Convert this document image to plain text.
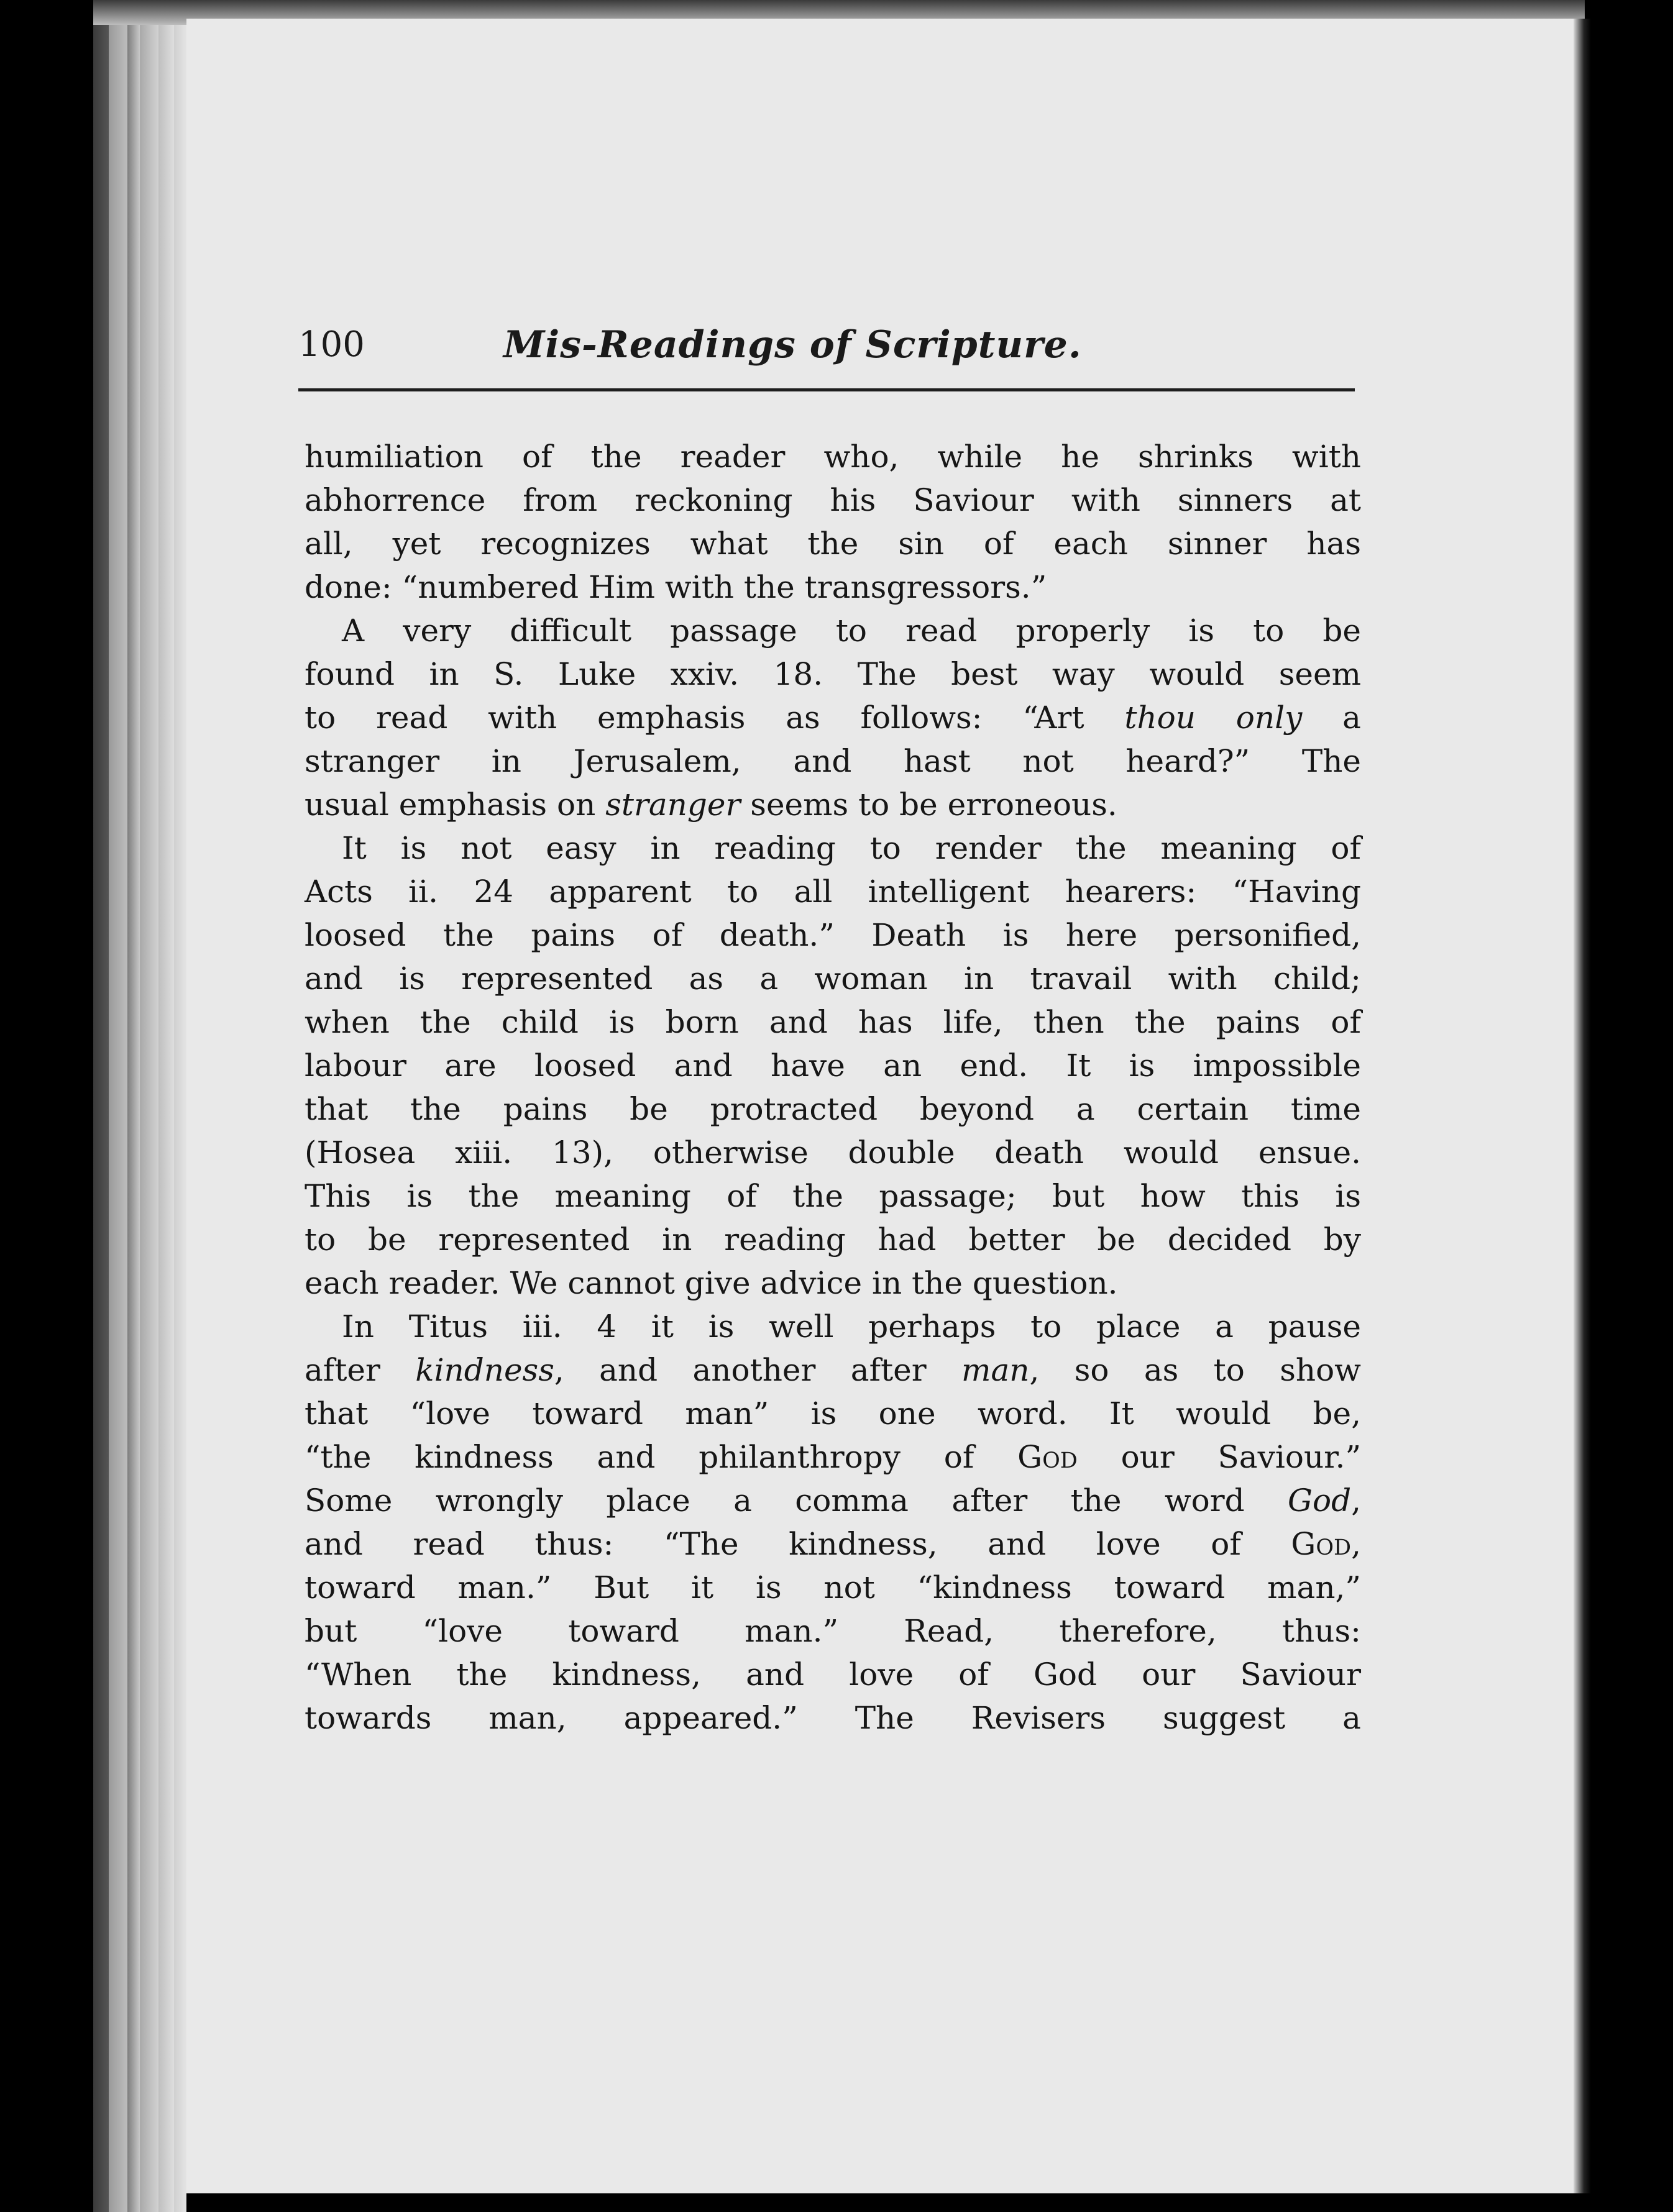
100	Mis-Readings of Scripture.
humiliation of the reader who, while he shrinks with
abhorrence from reckoning his Saviour with sinners at
all, yet recognizes what the sin of each sinner has
done: “numbered Him with the transgressors.”
A very difficult passage to read properly is to be
found in S. Luke xxiv. 18. The best way would seem
to read with emphasis as follows: “Art thou only a
stranger in Jerusalem, and hast not heard?” The
usual emphasis on stranger seems to be erroneous.
It is not easy in reading to render the meaning of
Acts ii. 24 apparent to all intelligent hearers: “Having
loosed the pains of death.” Death is here personified,
and is represented as a woman in travail with child;
when the child is born and has life, then the pains of
labour are loosed and have an end. It is impossible
that the pains be protracted beyond a certain time
(Hosea xiii. 13), otherwise double death would ensue.
This is the meaning of the passage; but how this is
to be represented in reading had better be decided by
each reader. We cannot give advice in the question.
In Titus iii. 4 it is well perhaps to place a pause
after kindness, and another after man, so as to show
that “love toward man” is one word. It would be,
“the kindness and philanthropy of God our Saviour.”
Some wrongly place a comma after the word God,
and read thus: “The kindness, and love of God,
toward man.” But it is not “kindness toward man,”
but “love toward man.” Read, therefore, thus:
“When the kindness, and love of God our Saviour
towards man, appeared.” The Revisers suggest a
